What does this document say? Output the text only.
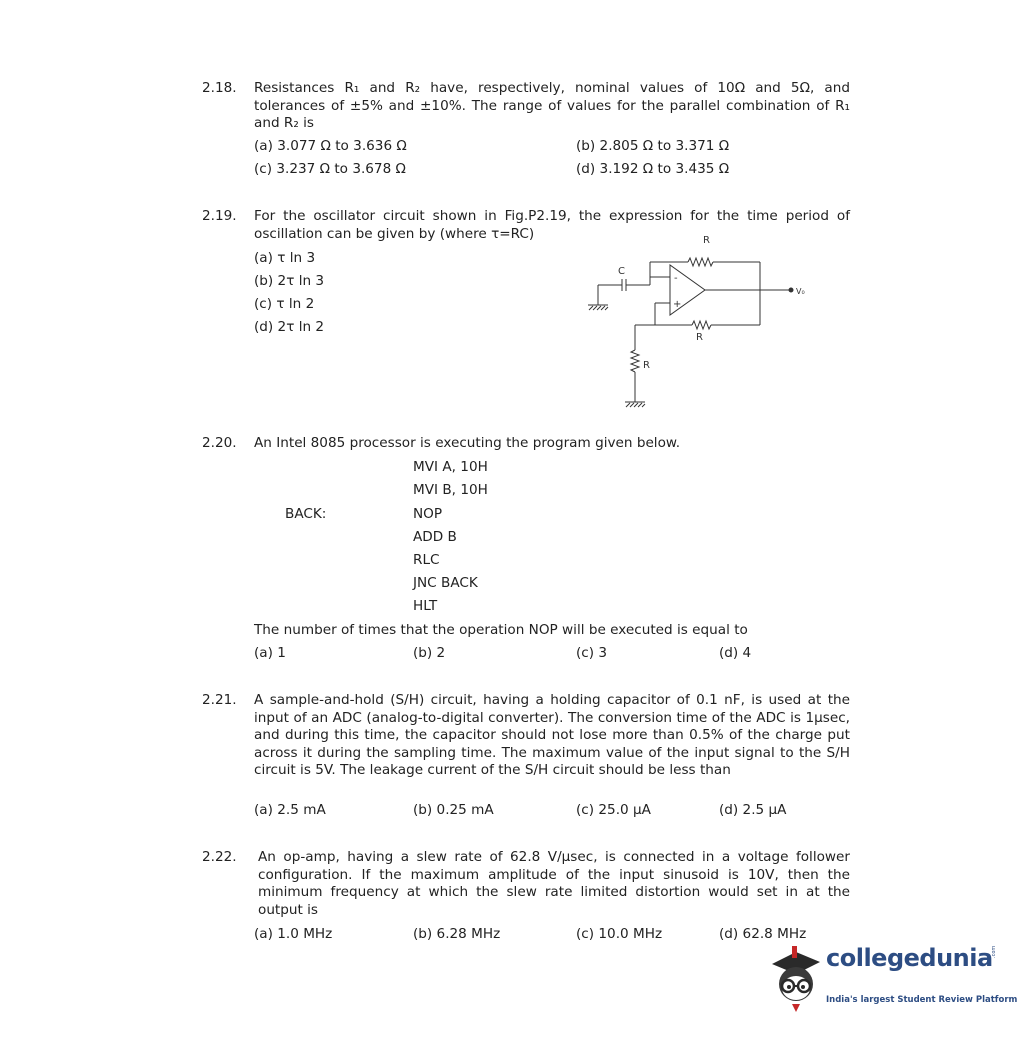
2.18. Resistances R₁ and R₂ have, respectively, nominal values of 10Ω and 5Ω, and tolerances of ±5% and ±10%. The range of values for the parallel combination of R₁ and R₂ is
(a) 3.077 Ω to 3.636 Ω	(b) 2.805 Ω to 3.371 Ω
(c) 3.237 Ω to 3.678 Ω	(d) 3.192 Ω to 3.435 Ω
2.19. For the oscillator circuit shown in Fig.P2.19, the expression for the time period of oscillation can be given by (where τ=RC)
(a) τ ln 3
(b) 2τ ln 3
(c) τ ln 2
(d) 2τ ln 2
R
C
-
+
V₀
R
R
2.20. An Intel 8085 processor is executing the program given below.
MVI A, 10H
MVI B, 10H
BACK:	NOP
ADD B
RLC
JNC BACK
HLT
The number of times that the operation NOP will be executed is equal to
(a) 1	(b) 2	(c) 3	(d) 4
2.21. A sample-and-hold (S/H) circuit, having a holding capacitor of 0.1 nF, is used at the input of an ADC (analog-to-digital converter). The conversion time of the ADC is 1μsec, and during this time, the capacitor should not lose more than 0.5% of the charge put across it during the sampling time. The maximum value of the input signal to the S/H circuit is 5V. The leakage current of the S/H circuit should be less than
(a) 2.5 mA	(b) 0.25 mA	(c) 25.0 μA	(d) 2.5 μA
2.22. An op-amp, having a slew rate of 62.8 V/μsec, is connected in a voltage follower configuration. If the maximum amplitude of the input sinusoid is 10V, then the minimum frequency at which the slew rate limited distortion would set in at the output is
(a) 1.0 MHz	(b) 6.28 MHz	(c) 10.0 MHz	(d) 62.8 MHz
collegedunia
.com
India's largest Student Review Platform
